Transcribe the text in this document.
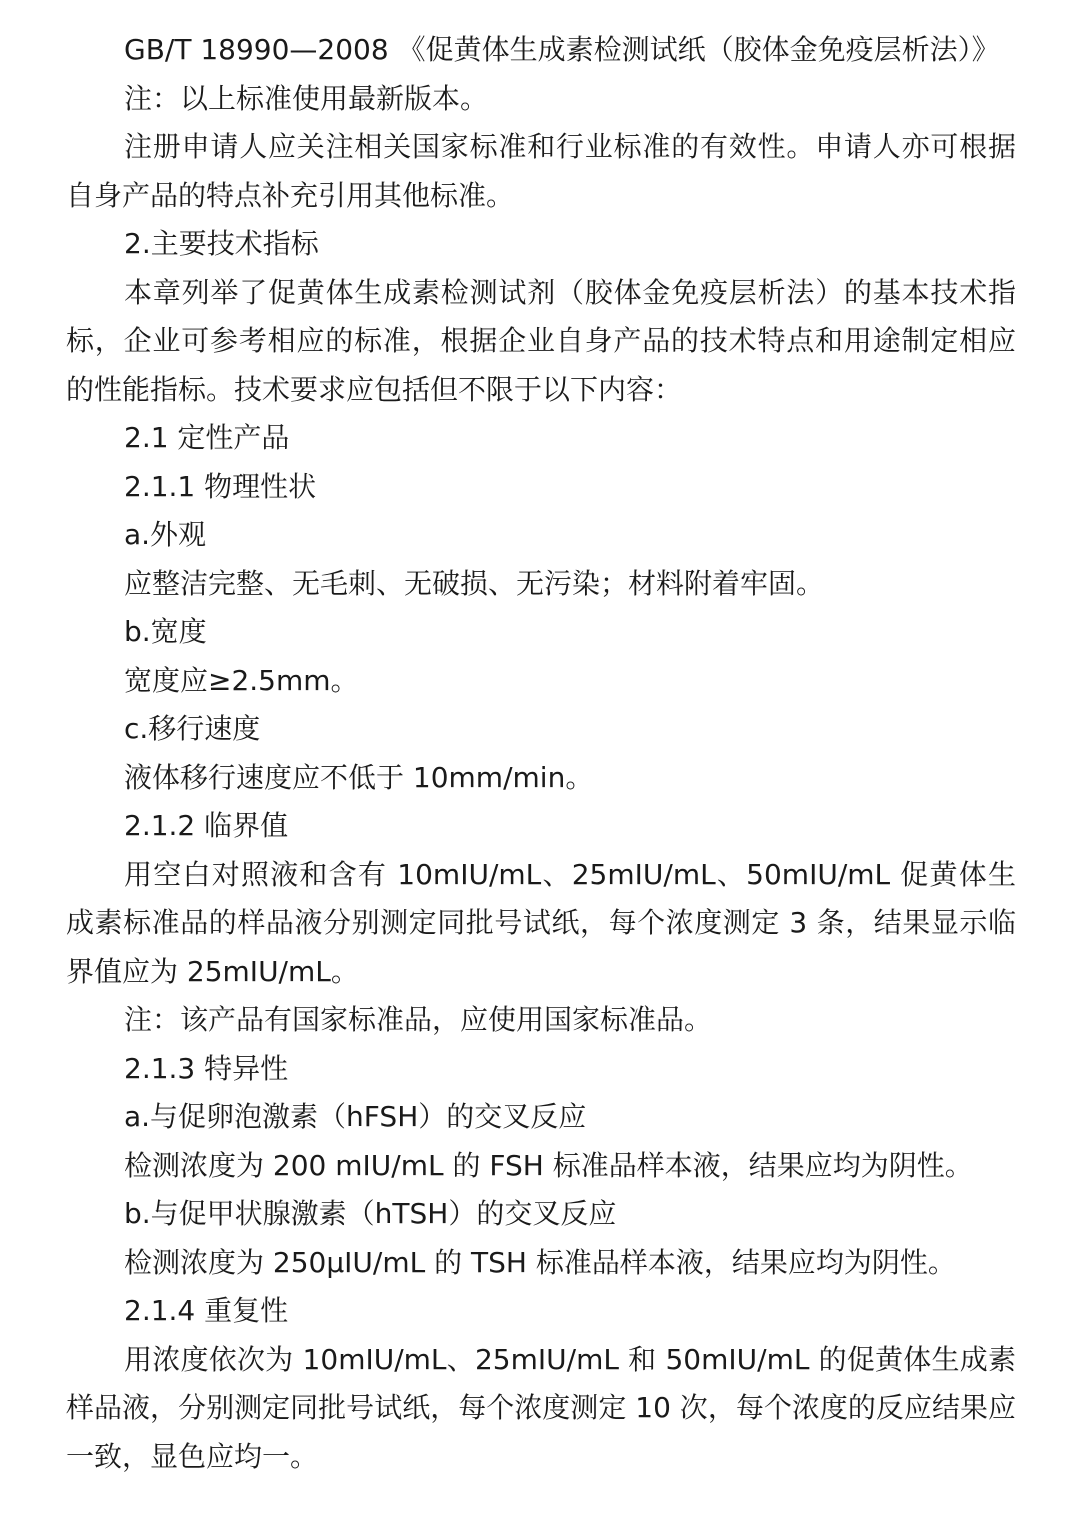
GB/T 18990—2008 《促黄体生成素检测试纸（胶体金免疫层析法）》

注：以上标准使用最新版本。

注册申请人应关注相关国家标准和行业标准的有效性。申请人亦可根据自身产品的特点补充引用其他标准。

2.主要技术指标

本章列举了促黄体生成素检测试剂（胶体金免疫层析法）的基本技术指标，企业可参考相应的标准，根据企业自身产品的技术特点和用途制定相应的性能指标。技术要求应包括但不限于以下内容：

2.1 定性产品

2.1.1 物理性状

a.外观

应整洁完整、无毛刺、无破损、无污染；材料附着牢固。

b.宽度

宽度应≥2.5mm。

c.移行速度

液体移行速度应不低于 10mm/min。

2.1.2 临界值

用空白对照液和含有 10mIU/mL、25mIU/mL、50mIU/mL 促黄体生成素标准品的样品液分别测定同批号试纸，每个浓度测定 3 条，结果显示临界值应为 25mIU/mL。

注：该产品有国家标准品，应使用国家标准品。

2.1.3 特异性

a.与促卵泡激素（hFSH）的交叉反应

检测浓度为 200 mIU/mL 的 FSH 标准品样本液，结果应均为阴性。

b.与促甲状腺激素（hTSH）的交叉反应

检测浓度为 250μIU/mL 的 TSH 标准品样本液，结果应均为阴性。

2.1.4 重复性

用浓度依次为 10mIU/mL、25mIU/mL 和 50mIU/mL 的促黄体生成素样品液，分别测定同批号试纸，每个浓度测定 10 次，每个浓度的反应结果应一致，显色应均一。
